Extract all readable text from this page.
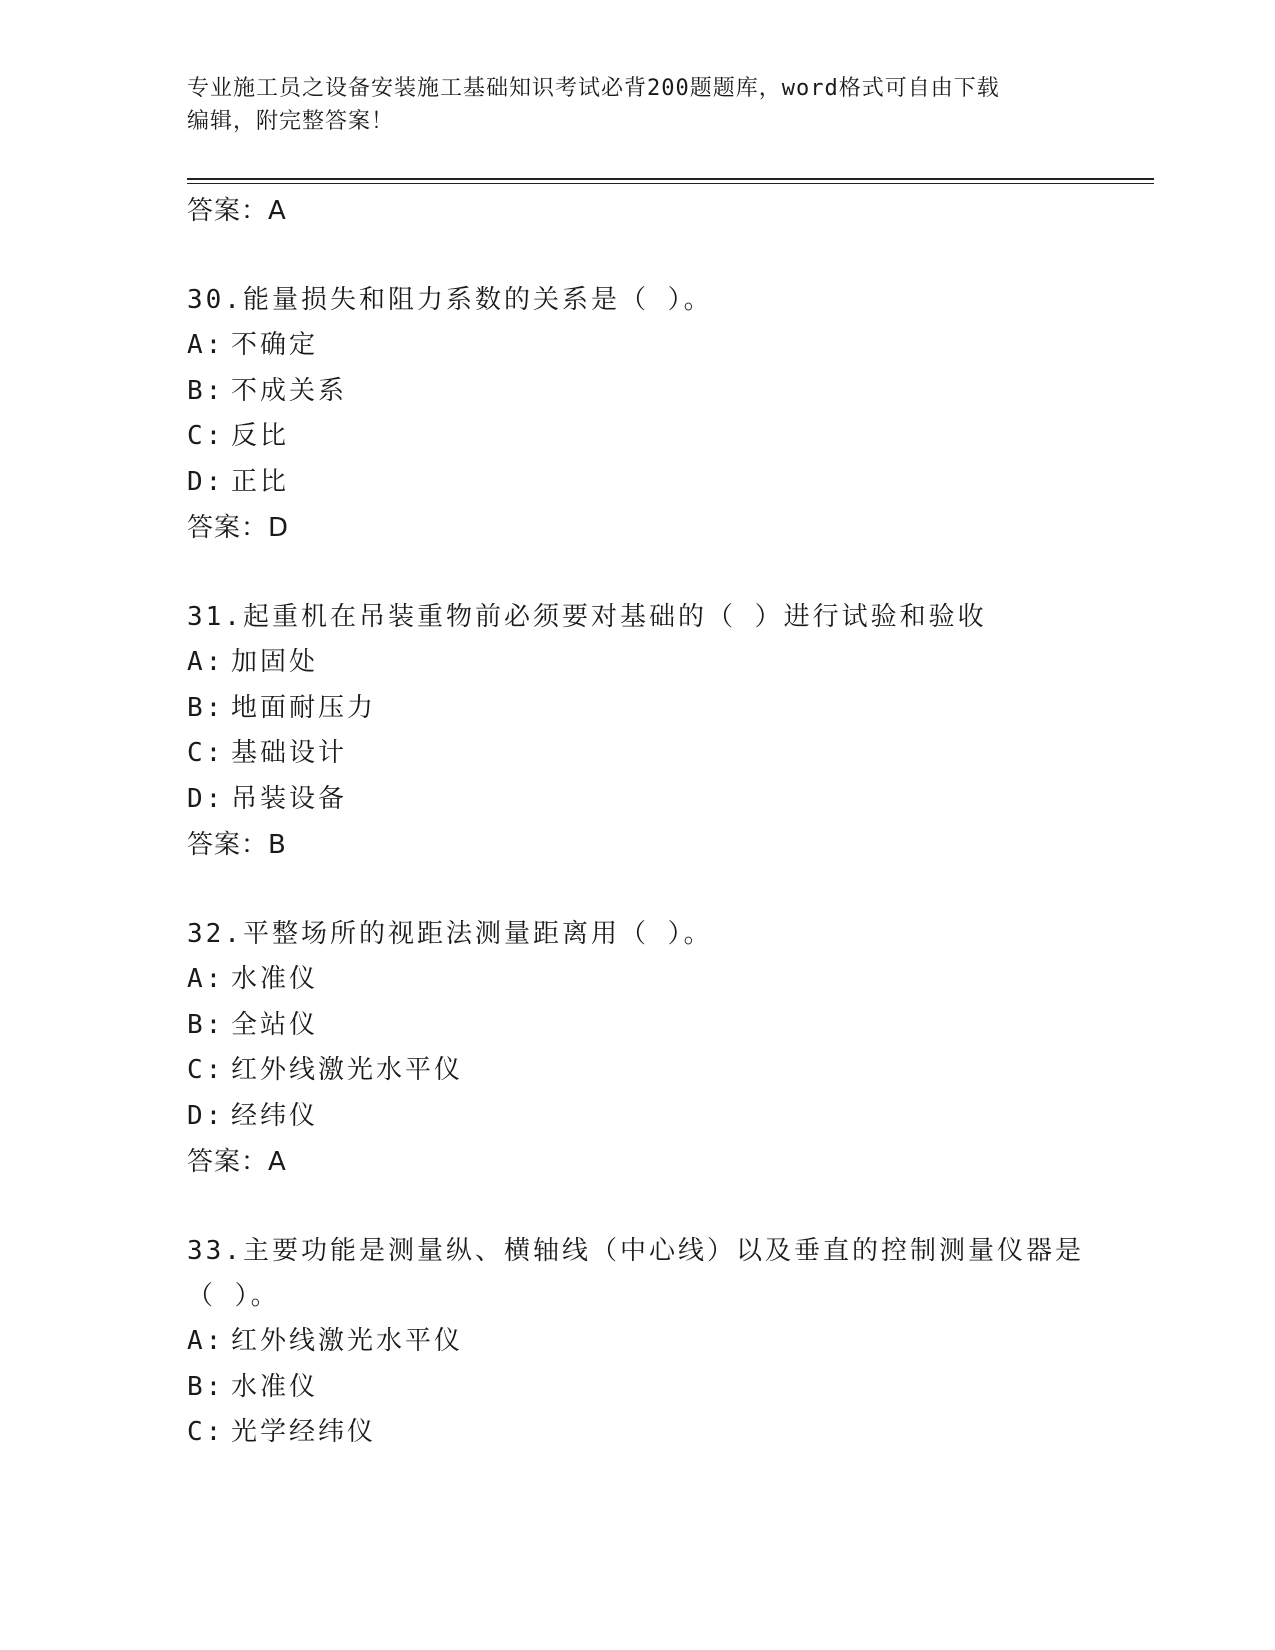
专业施工员之设备安装施工基础知识考试必背200题题库，word格式可自由下载
编辑，附完整答案！
答案：A
30.能量损失和阻力系数的关系是（ ）。
A: 不确定
B: 不成关系
C: 反比
D: 正比
答案：D
31.起重机在吊装重物前必须要对基础的（ ）进行试验和验收
A: 加固处
B: 地面耐压力
C: 基础设计
D: 吊装设备
答案：B
32.平整场所的视距法测量距离用（ ）。
A: 水准仪
B: 全站仪
C: 红外线激光水平仪
D: 经纬仪
答案：A
33.主要功能是测量纵、横轴线（中心线）以及垂直的控制测量仪器是
（ ）。
A: 红外线激光水平仪
B: 水准仪
C: 光学经纬仪
